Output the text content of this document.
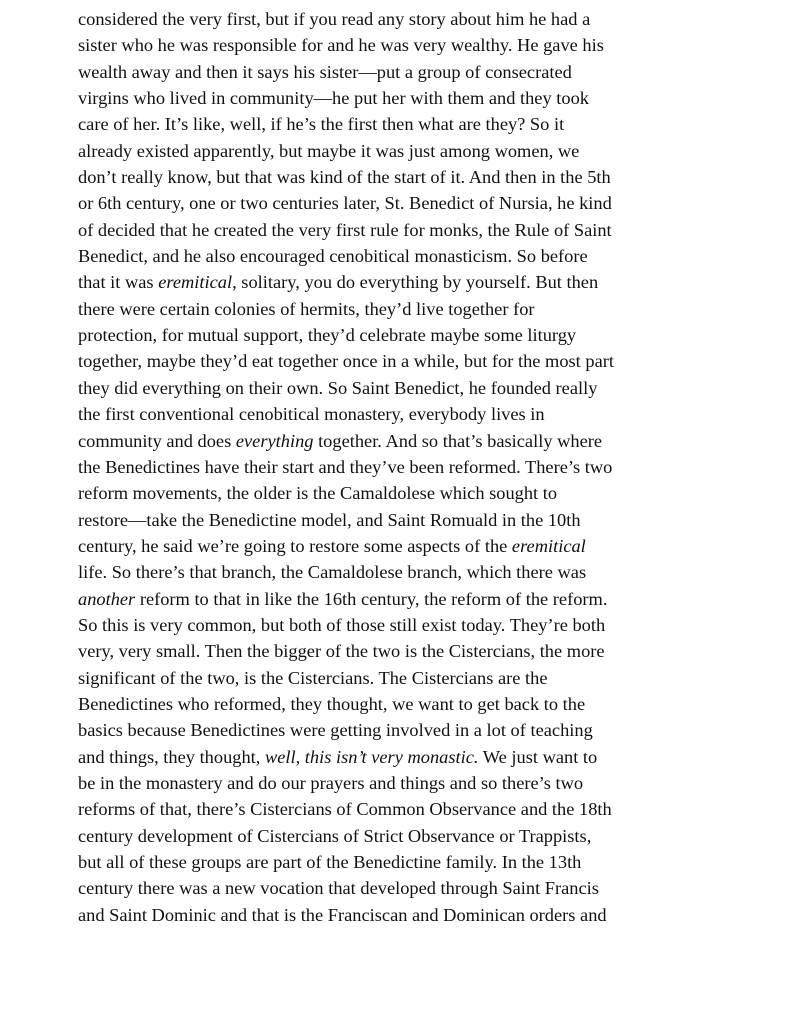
considered the very first, but if you read any story about him he had a
sister who he was responsible for and he was very wealthy. He gave his
wealth away and then it says his sister—put a group of consecrated
virgins who lived in community—he put her with them and they took
care of her. It’s like, well, if he’s the first then what are they? So it
already existed apparently, but maybe it was just among women, we
don’t really know, but that was kind of the start of it. And then in the 5th
or 6th century, one or two centuries later, St. Benedict of Nursia, he kind
of decided that he created the very first rule for monks, the Rule of Saint
Benedict, and he also encouraged cenobitical monasticism. So before
that it was eremitical, solitary, you do everything by yourself. But then
there were certain colonies of hermits, they’d live together for
protection, for mutual support, they’d celebrate maybe some liturgy
together, maybe they’d eat together once in a while, but for the most part
they did everything on their own. So Saint Benedict, he founded really
the first conventional cenobitical monastery, everybody lives in
community and does everything together. And so that’s basically where
the Benedictines have their start and they’ve been reformed. There’s two
reform movements, the older is the Camaldolese which sought to
restore—take the Benedictine model, and Saint Romuald in the 10th
century, he said we’re going to restore some aspects of the eremitical
life. So there’s that branch, the Camaldolese branch, which there was
another reform to that in like the 16th century, the reform of the reform.
So this is very common, but both of those still exist today. They’re both
very, very small. Then the bigger of the two is the Cistercians, the more
significant of the two, is the Cistercians. The Cistercians are the
Benedictines who reformed, they thought, we want to get back to the
basics because Benedictines were getting involved in a lot of teaching
and things, they thought, well, this isn’t very monastic. We just want to
be in the monastery and do our prayers and things and so there’s two
reforms of that, there’s Cistercians of Common Observance and the 18th
century development of Cistercians of Strict Observance or Trappists,
but all of these groups are part of the Benedictine family. In the 13th
century there was a new vocation that developed through Saint Francis
and Saint Dominic and that is the Franciscan and Dominican orders and
